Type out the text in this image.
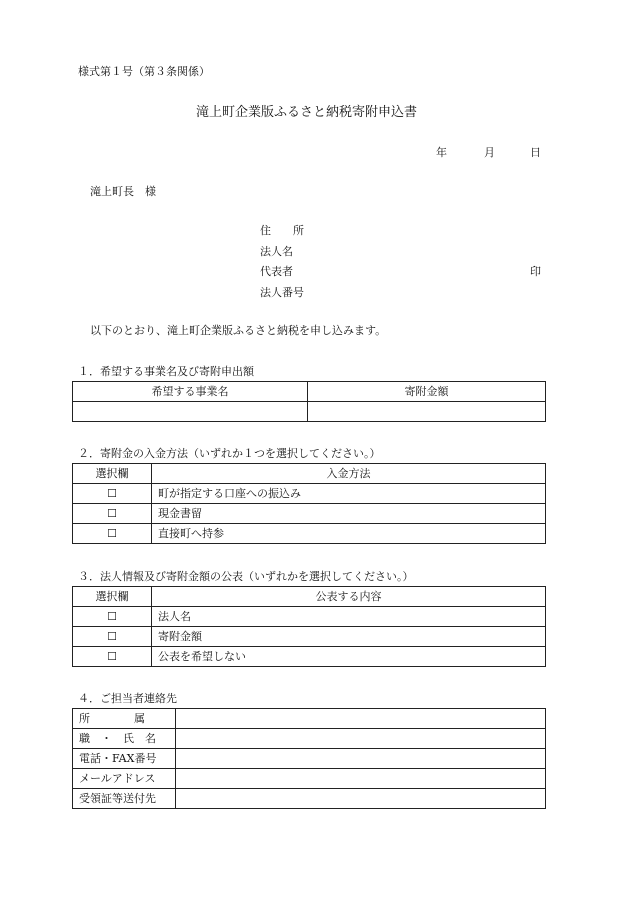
様式第１号（第３条関係）
滝上町企業版ふるさと納税寄附申込書
年	月	日
滝上町長　様
住　　所
法人名
代表者	印
法人番号
以下のとおり、滝上町企業版ふるさと納税を申し込みます。
１．希望する事業名及び寄附申出額
希望する事業名	寄附金額

２．寄附金の入金方法（いずれか１つを選択してください。）
選択欄	入金方法
☐	町が指定する口座への振込み
☐	現金書留
☐	直接町へ持参
３．法人情報及び寄附金額の公表（いずれかを選択してください。）
選択欄	公表する内容
☐	法人名
☐	寄附金額
☐	公表を希望しない
４．ご担当者連絡先
所　　　　属	
職　・　氏　名	
電話・FAX番号	
メールアドレス	
受領証等送付先	
